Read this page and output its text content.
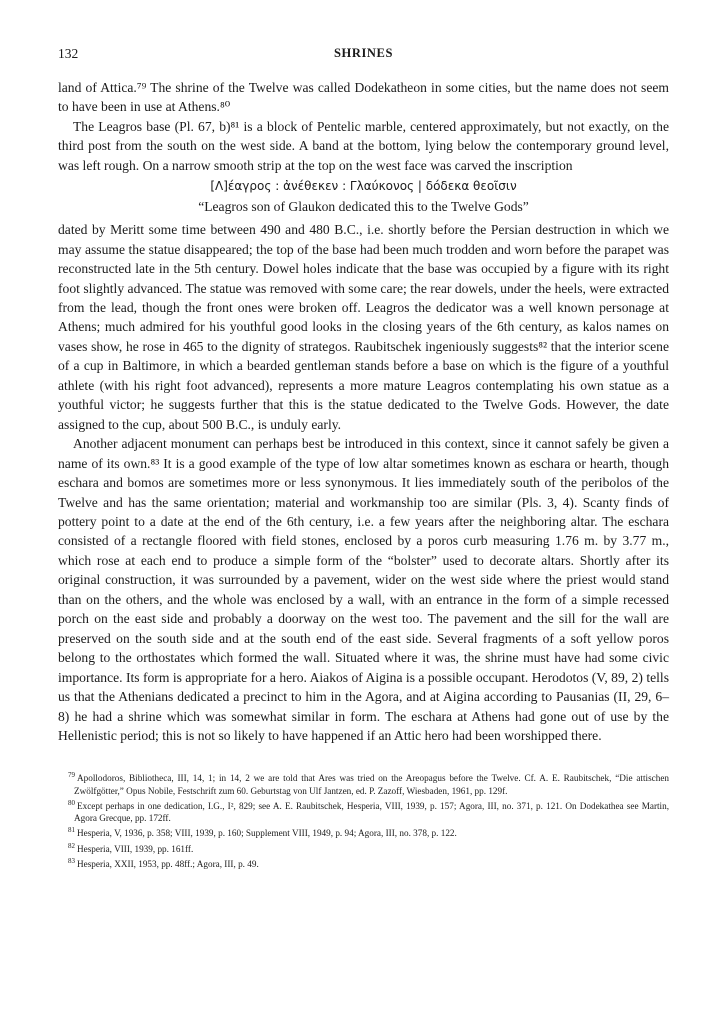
132	SHRINES

land of Attica.⁷⁹ The shrine of the Twelve was called Dodekatheon in some cities, but the name does not seem to have been in use at Athens.⁸⁰

The Leagros base (Pl. 67, b)⁸¹ is a block of Pentelic marble, centered approximately, but not exactly, on the third post from the south on the west side. A band at the bottom, lying below the contemporary ground level, was left rough. On a narrow smooth strip at the top on the west face was carved the inscription

[Λ]έαγρος : ἀνέθεκεν : Γλαύκονος | δόδεκα θεοῖσιν
“Leagros son of Glaukon dedicated this to the Twelve Gods”

dated by Meritt some time between 490 and 480 B.C., i.e. shortly before the Persian destruction in which we may assume the statue disappeared; the top of the base had been much trodden and worn before the parapet was reconstructed late in the 5th century. Dowel holes indicate that the base was occupied by a figure with its right foot slightly advanced. The statue was removed with some care; the rear dowels, under the heels, were extracted from the lead, though the front ones were broken off. Leagros the dedicator was a well known personage at Athens; much admired for his youthful good looks in the closing years of the 6th century, as kalos names on vases show, he rose in 465 to the dignity of strategos. Raubitschek ingeniously suggests⁸² that the interior scene of a cup in Baltimore, in which a bearded gentleman stands before a base on which is the figure of a youthful athlete (with his right foot advanced), represents a more mature Leagros contemplating his own statue as a youthful victor; he suggests further that this is the statue dedicated to the Twelve Gods. However, the date assigned to the cup, about 500 B.C., is unduly early.

Another adjacent monument can perhaps best be introduced in this context, since it cannot safely be given a name of its own.⁸³ It is a good example of the type of low altar sometimes known as eschara or hearth, though eschara and bomos are sometimes more or less synonymous. It lies immediately south of the peribolos of the Twelve and has the same orientation; material and workmanship too are similar (Pls. 3, 4). Scanty finds of pottery point to a date at the end of the 6th century, i.e. a few years after the neighboring altar. The eschara consisted of a rectangle floored with field stones, enclosed by a poros curb measuring 1.76 m. by 3.77 m., which rose at each end to produce a simple form of the “bolster” used to decorate altars. Shortly after its original construction, it was surrounded by a pavement, wider on the west side where the priest would stand than on the others, and the whole was enclosed by a wall, with an entrance in the form of a simple recessed porch on the east side and probably a doorway on the west too. The pavement and the sill for the wall are preserved on the south side and at the south end of the east side. Several fragments of a soft yellow poros belong to the orthostates which formed the wall. Situated where it was, the shrine must have had some civic importance. Its form is appropriate for a hero. Aiakos of Aigina is a possible occupant. Herodotos (V, 89, 2) tells us that the Athenians dedicated a precinct to him in the Agora, and at Aigina according to Pausanias (II, 29, 6–8) he had a shrine which was somewhat similar in form. The eschara at Athens had gone out of use by the Hellenistic period; this is not so likely to have happened if an Attic hero had been worshipped there.

$^{79}$ Apollodoros, Bibliotheca, III, 14, 1; in 14, 2 we are told that Ares was tried on the Areopagus before the Twelve. Cf. A. E. Raubitschek, “Die attischen Zwölfgötter,” Opus Nobile, Festschrift zum 60. Geburtstag von Ulf Jantzen, ed. P. Zazoff, Wiesbaden, 1961, pp. 129f.
$^{80}$ Except perhaps in one dedication, I.G., I², 829; see A. E. Raubitschek, Hesperia, VIII, 1939, p. 157; Agora, III, no. 371, p. 121. On Dodekathea see Martin, Agora Grecque, pp. 172ff.
$^{81}$ Hesperia, V, 1936, p. 358; VIII, 1939, p. 160; Supplement VIII, 1949, p. 94; Agora, III, no. 378, p. 122.
$^{82}$ Hesperia, VIII, 1939, pp. 161ff.
$^{83}$ Hesperia, XXII, 1953, pp. 48ff.; Agora, III, p. 49.
